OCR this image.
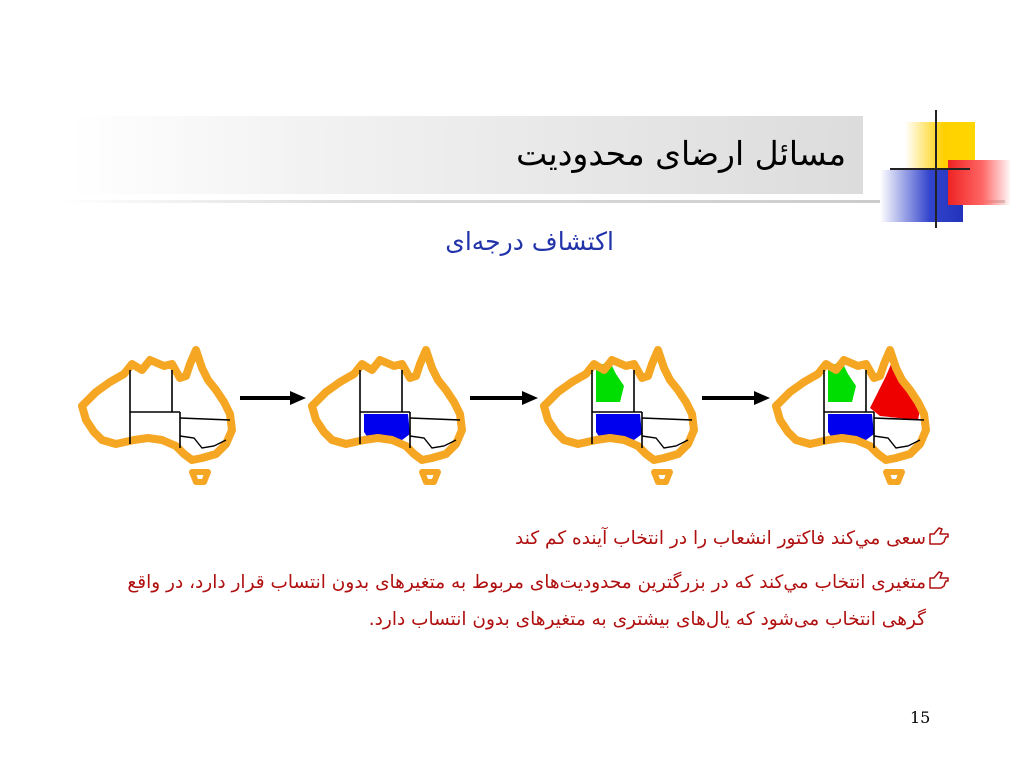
مسائل ارضای محدودیت
اکتشاف درجه‌ای
سعی مي‌کند فاکتور انشعاب را در انتخاب آینده کم کند
متغیری انتخاب مي‌کند که در بزرگترین محدودیت‌های مربوط به متغیرهای بدون انتساب قرار دارد، در واقع گرهی انتخاب می‌شود که یال‌های بیشتری به متغیرهای بدون انتساب دارد.
15
